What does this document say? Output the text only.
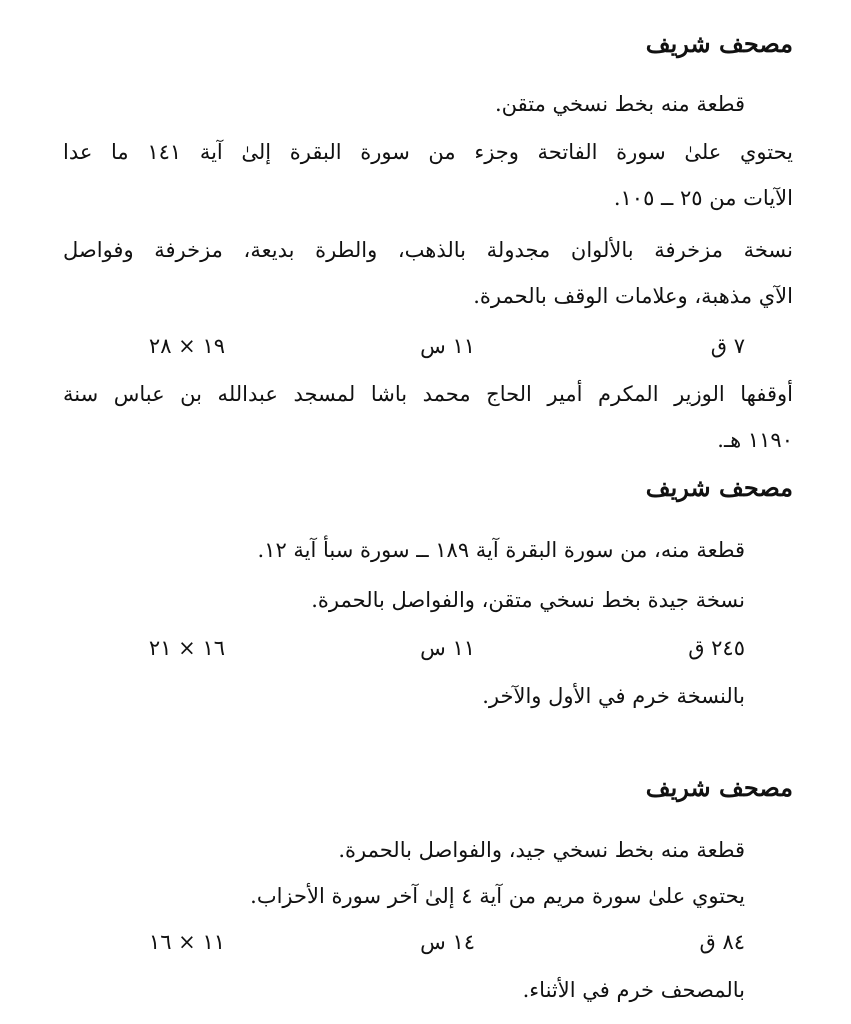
مصحف شريف
قطعة منه بخط نسخي متقن.
يحتوي علىٰ سورة الفاتحة وجزء من سورة البقرة إلىٰ آية ١٤١ ما عدا
الآيات من ٢٥ ــ ١٠٥.
نسخة مزخرفة بالألوان مجدولة بالذهب، والطرة بديعة، مزخرفة وفواصل
الآي مذهبة، وعلامات الوقف بالحمرة.
٧ ق
١١ س
١٩ × ٢٨
أوقفها الوزير المكرم أمير الحاج محمد باشا لمسجد عبدالله بن عباس سنة
١١٩٠ هـ.
مصحف شريف
قطعة منه، من سورة البقرة آية ١٨٩ ــ سورة سبأ آية ١٢.
نسخة جيدة بخط نسخي متقن، والفواصل بالحمرة.
٢٤٥ ق
١١ س
١٦ × ٢١
بالنسخة خرم في الأول والآخر.
مصحف شريف
قطعة منه بخط نسخي جيد، والفواصل بالحمرة.
يحتوي علىٰ سورة مريم من آية ٤ إلىٰ آخر سورة الأحزاب.
٨٤ ق
١٤ س
١١ × ١٦
بالمصحف خرم في الأثناء.
